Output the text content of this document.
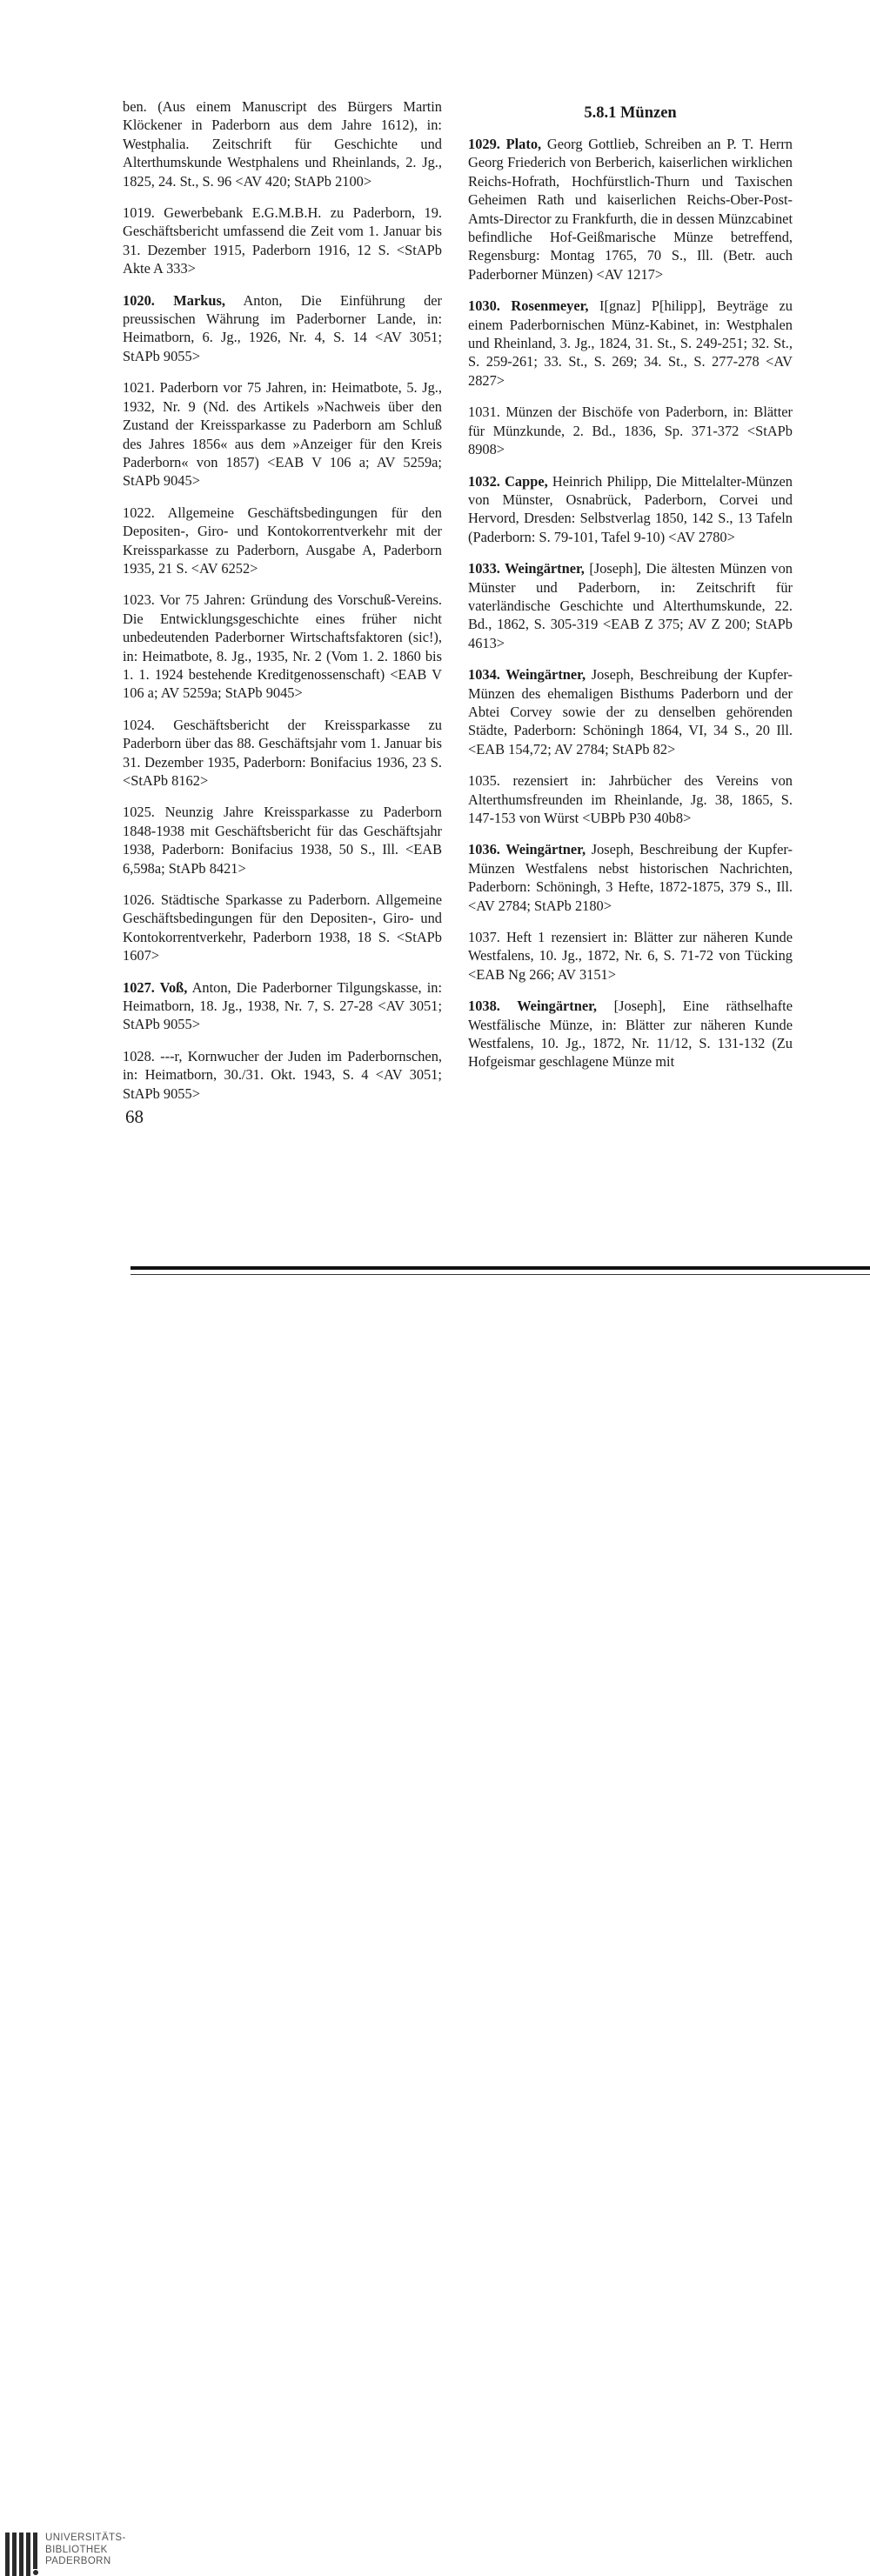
ben. (Aus einem Manuscript des Bürgers Martin Klöckener in Paderborn aus dem Jahre 1612), in: Westphalia. Zeitschrift für Geschichte und Alterthumskunde Westphalens und Rheinlands, 2. Jg., 1825, 24. St., S. 96 <AV 420; StAPb 2100>

1019. Gewerbebank E.G.M.B.H. zu Paderborn, 19. Geschäftsbericht umfassend die Zeit vom 1. Januar bis 31. Dezember 1915, Paderborn 1916, 12 S. <StAPb Akte A 333>

1020. Markus, Anton, Die Einführung der preussischen Währung im Paderborner Lande, in: Heimatborn, 6. Jg., 1926, Nr. 4, S. 14 <AV 3051; StAPb 9055>

1021. Paderborn vor 75 Jahren, in: Heimatbote, 5. Jg., 1932, Nr. 9 (Nd. des Artikels »Nachweis über den Zustand der Kreissparkasse zu Paderborn am Schluß des Jahres 1856« aus dem »Anzeiger für den Kreis Paderborn« von 1857) <EAB V 106 a; AV 5259a; StAPb 9045>

1022. Allgemeine Geschäftsbedingungen für den Depositen-, Giro- und Kontokorrentverkehr mit der Kreissparkasse zu Paderborn, Ausgabe A, Paderborn 1935, 21 S. <AV 6252>

1023. Vor 75 Jahren: Gründung des Vorschuß-Vereins. Die Entwicklungsgeschichte eines früher nicht unbedeutenden Paderborner Wirtschaftsfaktoren (sic!), in: Heimatbote, 8. Jg., 1935, Nr. 2 (Vom 1. 2. 1860 bis 1. 1. 1924 bestehende Kreditgenossenschaft) <EAB V 106 a; AV 5259a; StAPb 9045>

1024. Geschäftsbericht der Kreissparkasse zu Paderborn über das 88. Geschäftsjahr vom 1. Januar bis 31. Dezember 1935, Paderborn: Bonifacius 1936, 23 S. <StAPb 8162>

1025. Neunzig Jahre Kreissparkasse zu Paderborn 1848-1938 mit Geschäftsbericht für das Geschäftsjahr 1938, Paderborn: Bonifacius 1938, 50 S., Ill. <EAB 6,598a; StAPb 8421>

1026. Städtische Sparkasse zu Paderborn. Allgemeine Geschäftsbedingungen für den Depositen-, Giro- und Kontokorrentverkehr, Paderborn 1938, 18 S. <StAPb 1607>

1027. Voß, Anton, Die Paderborner Tilgungskasse, in: Heimatborn, 18. Jg., 1938, Nr. 7, S. 27-28 <AV 3051; StAPb 9055>

1028. ---r, Kornwucher der Juden im Paderbornschen, in: Heimatborn, 30./31. Okt. 1943, S. 4 <AV 3051; StAPb 9055>

5.8.1 Münzen

1029. Plato, Georg Gottlieb, Schreiben an P. T. Herrn Georg Friederich von Berberich, kaiserlichen wirklichen Reichs-Hofrath, Hochfürstlich-Thurn und Taxischen Geheimen Rath und kaiserlichen Reichs-Ober-Post-Amts-Director zu Frankfurth, die in dessen Münzcabinet befindliche Hof-Geißmarische Münze betreffend, Regensburg: Montag 1765, 70 S., Ill. (Betr. auch Paderborner Münzen) <AV 1217>

1030. Rosenmeyer, I[gnaz] P[hilipp], Beyträge zu einem Paderbornischen Münz-Kabinet, in: Westphalen und Rheinland, 3. Jg., 1824, 31. St., S. 249-251; 32. St., S. 259-261; 33. St., S. 269; 34. St., S. 277-278 <AV 2827>

1031. Münzen der Bischöfe von Paderborn, in: Blätter für Münzkunde, 2. Bd., 1836, Sp. 371-372 <StAPb 8908>

1032. Cappe, Heinrich Philipp, Die Mittelalter-Münzen von Münster, Osnabrück, Paderborn, Corvei und Hervord, Dresden: Selbstverlag 1850, 142 S., 13 Tafeln (Paderborn: S. 79-101, Tafel 9-10) <AV 2780>

1033. Weingärtner, [Joseph], Die ältesten Münzen von Münster und Paderborn, in: Zeitschrift für vaterländische Geschichte und Alterthumskunde, 22. Bd., 1862, S. 305-319 <EAB Z 375; AV Z 200; StAPb 4613>

1034. Weingärtner, Joseph, Beschreibung der Kupfer-Münzen des ehemaligen Bisthums Paderborn und der Abtei Corvey sowie der zu denselben gehörenden Städte, Paderborn: Schöningh 1864, VI, 34 S., 20 Ill. <EAB 154,72; AV 2784; StAPb 82>

1035. rezensiert in: Jahrbücher des Vereins von Alterthumsfreunden im Rheinlande, Jg. 38, 1865, S. 147-153 von Würst <UBPb P30 40b8>

1036. Weingärtner, Joseph, Beschreibung der Kupfer-Münzen Westfalens nebst historischen Nachrichten, Paderborn: Schöningh, 3 Hefte, 1872-1875, 379 S., Ill. <AV 2784; StAPb 2180>

1037. Heft 1 rezensiert in: Blätter zur näheren Kunde Westfalens, 10. Jg., 1872, Nr. 6, S. 71-72 von Tücking <EAB Ng 266; AV 3151>

1038. Weingärtner, [Joseph], Eine räthselhafte Westfälische Münze, in: Blätter zur näheren Kunde Westfalens, 10. Jg., 1872, Nr. 11/12, S. 131-132 (Zu Hofgeismar geschlagene Münze mit

68
UNIVERSITÄTS-
BIBLIOTHEK
PADERBORN
